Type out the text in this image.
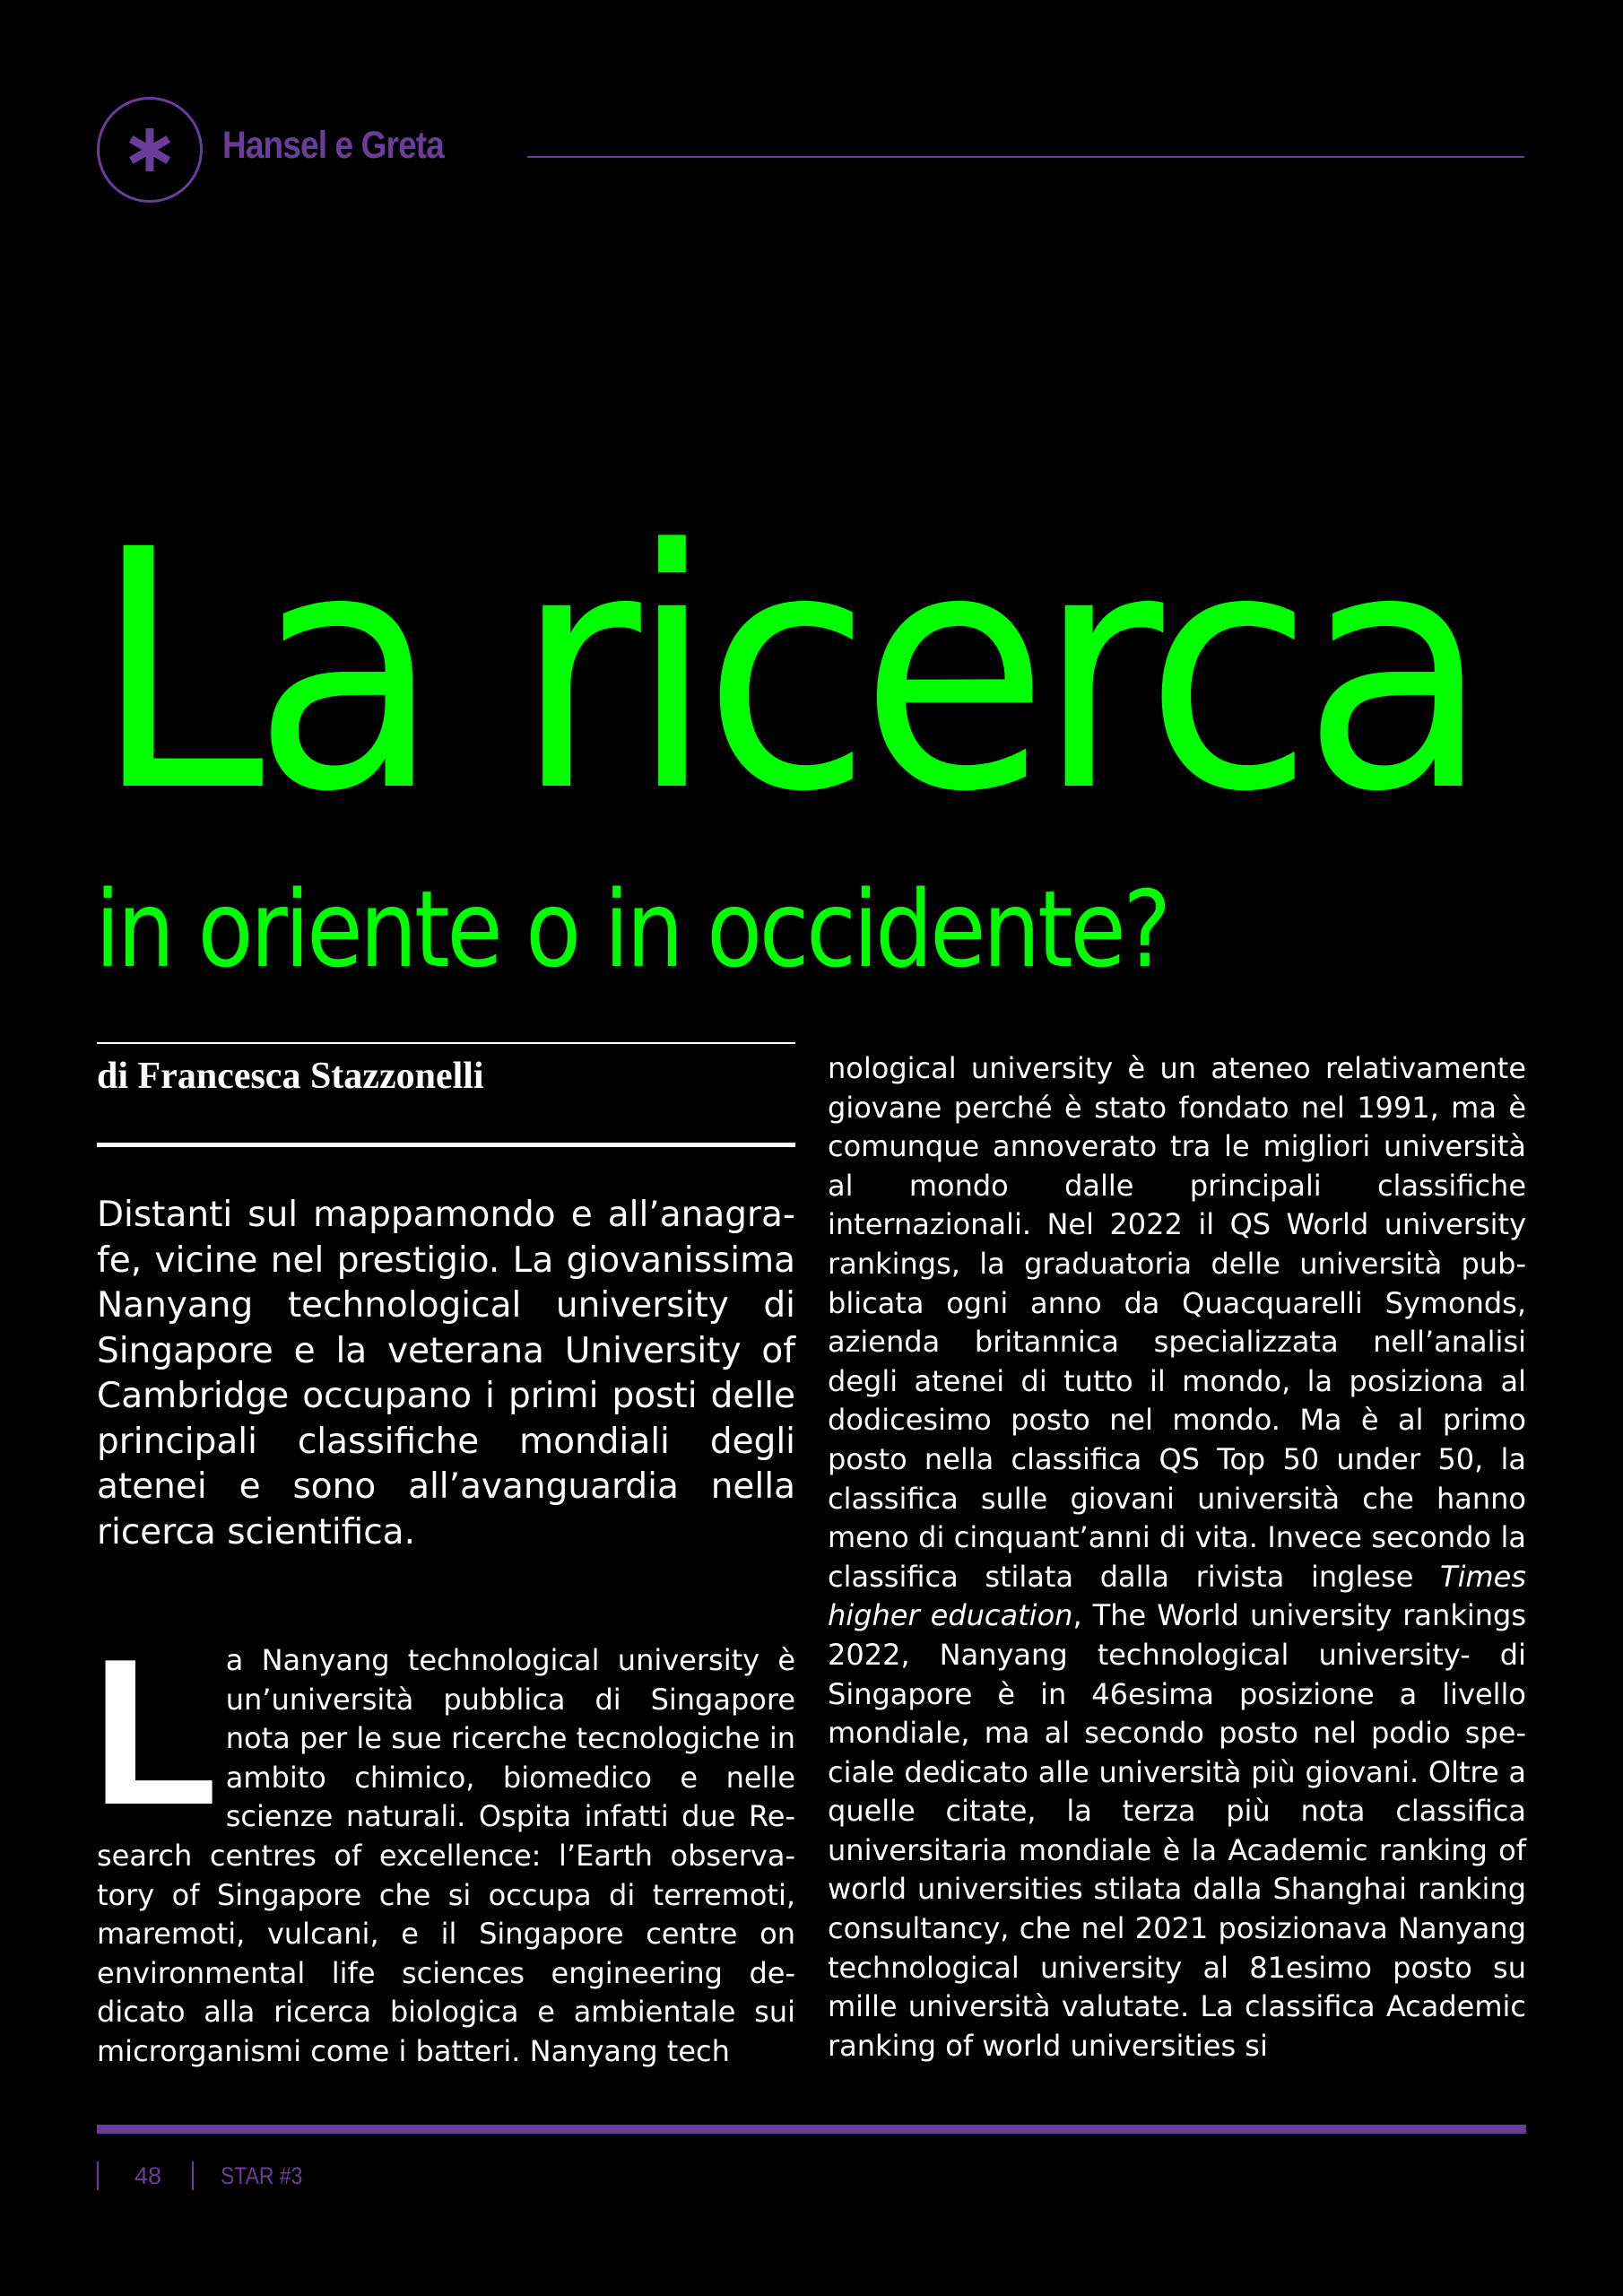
Hansel e Greta
La ricerca
in oriente o in occidente?
di Francesca Stazzonelli

Distanti sul mappamondo e all’anagrafe, vicine nel prestigio. La giovanissima Nanyang technological university di Singapore e la veterana University of Cambridge occupano i primi posti delle principali classifiche mondiali degli atenei e sono all’avanguardia nella ricerca scientifica.

La Nanyang technological university è un’università pubblica di Singapore nota per le sue ricerche tecnologiche in ambito chimico, biomedico e nelle scienze naturali. Ospita infatti due Research centres of excellence: l’Earth observatory of Singapore che si occupa di terremoti, maremoti, vulcani, e il Singapore centre on environmental life sciences engineering dedicato alla ricerca biologica e ambientale sui microrganismi come i batteri. Nanyang tech

nological university è un ateneo relativamente giovane perché è stato fondato nel 1991, ma è comunque annoverato tra le migliori università al mondo dalle principali classifiche internazionali. Nel 2022 il QS World university rankings, la graduatoria delle università pubblicata ogni anno da Quacquarelli Symonds, azienda britannica specializzata nell’analisi degli atenei di tutto il mondo, la posiziona al dodicesimo posto nel mondo. Ma è al primo posto nella classifica QS Top 50 under 50, la classifica sulle giovani università che hanno meno di cinquant’anni di vita. Invece secondo la classifica stilata dalla rivista inglese Times higher education, The World university rankings 2022, Nanyang technological university- di Singapore è in 46esima posizione a livello mondiale, ma al secondo posto nel podio speciale dedicato alle università più giovani. Oltre a quelle citate, la terza più nota classifica universitaria mondiale è la Academic ranking of world universities stilata dalla Shanghai ranking consultancy, che nel 2021 posizionava Nanyang technological university al 81esimo posto su mille università valutate. La classifica Academic ranking of world universities si

48 STAR #3
